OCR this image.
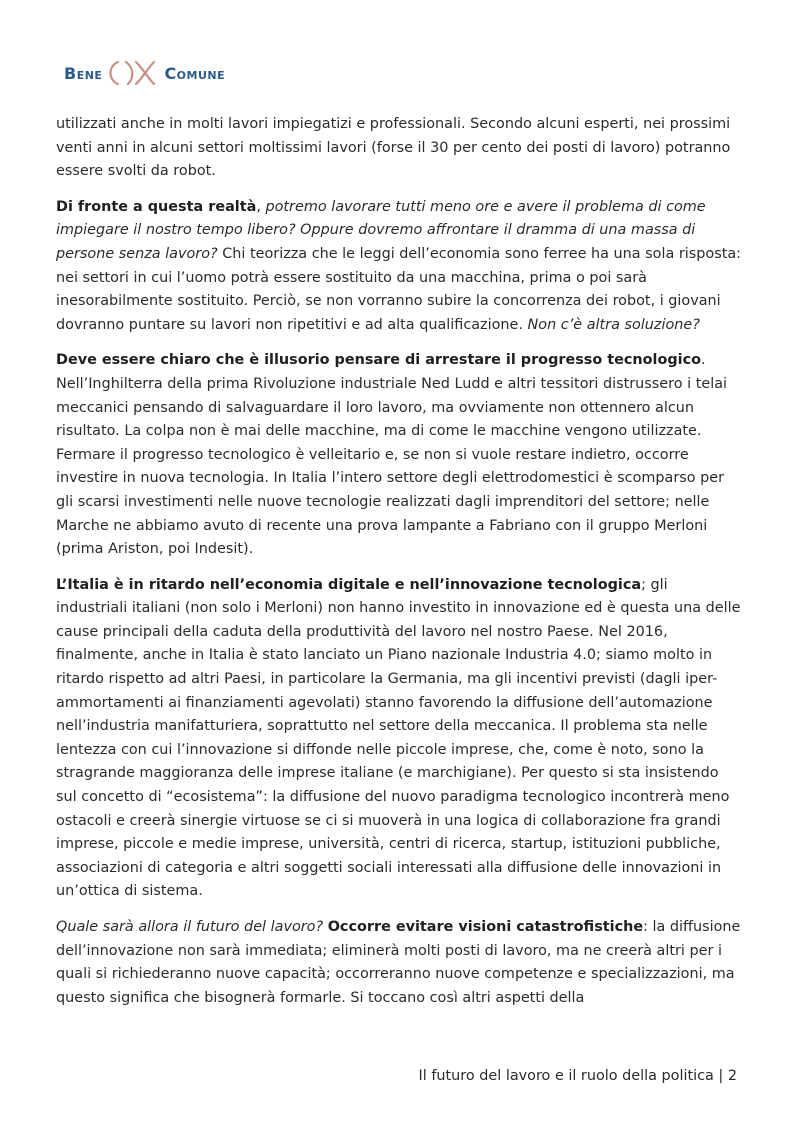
Bene	Comune

utilizzati anche in molti lavori impiegatizi e professionali. Secondo alcuni esperti, nei prossimi venti anni in alcuni settori moltissimi lavori (forse il 30 per cento dei posti di lavoro) potranno essere svolti da robot.

Di fronte a questa realtà, potremo lavorare tutti meno ore e avere il problema di come impiegare il nostro tempo libero? Oppure dovremo affrontare il dramma di una massa di persone senza lavoro? Chi teorizza che le leggi dell’economia sono ferree ha una sola risposta: nei settori in cui l’uomo potrà essere sostituito da una macchina, prima o poi sarà inesorabilmente sostituito. Perciò, se non vorranno subire la concorrenza dei robot, i giovani dovranno puntare su lavori non ripetitivi e ad alta qualificazione. Non c’è altra soluzione?

Deve essere chiaro che è illusorio pensare di arrestare il progresso tecnologico. Nell’Inghilterra della prima Rivoluzione industriale Ned Ludd e altri tessitori distrussero i telai meccanici pensando di salvaguardare il loro lavoro, ma ovviamente non ottennero alcun risultato. La colpa non è mai delle macchine, ma di come le macchine vengono utilizzate. Fermare il progresso tecnologico è velleitario e, se non si vuole restare indietro, occorre investire in nuova tecnologia. In Italia l’intero settore degli elettrodomestici è scomparso per gli scarsi investimenti nelle nuove tecnologie realizzati dagli imprenditori del settore; nelle Marche ne abbiamo avuto di recente una prova lampante a Fabriano con il gruppo Merloni (prima Ariston, poi Indesit).

L’Italia è in ritardo nell’economia digitale e nell’innovazione tecnologica; gli industriali italiani (non solo i Merloni) non hanno investito in innovazione ed è questa una delle cause principali della caduta della produttività del lavoro nel nostro Paese. Nel 2016, finalmente, anche in Italia è stato lanciato un Piano nazionale Industria 4.0; siamo molto in ritardo rispetto ad altri Paesi, in particolare la Germania, ma gli incentivi previsti (dagli iper-ammortamenti ai finanziamenti agevolati) stanno favorendo la diffusione dell’automazione nell’industria manifatturiera, soprattutto nel settore della meccanica. Il problema sta nelle lentezza con cui l’innovazione si diffonde nelle piccole imprese, che, come è noto, sono la stragrande maggioranza delle imprese italiane (e marchigiane). Per questo si sta insistendo sul concetto di “ecosistema”: la diffusione del nuovo paradigma tecnologico incontrerà meno ostacoli e creerà sinergie virtuose se ci si muoverà in una logica di collaborazione fra grandi imprese, piccole e medie imprese, università, centri di ricerca, startup, istituzioni pubbliche, associazioni di categoria e altri soggetti sociali interessati alla diffusione delle innovazioni in un’ottica di sistema.

Quale sarà allora il futuro del lavoro? Occorre evitare visioni catastrofistiche: la diffusione dell’innovazione non sarà immediata; eliminerà molti posti di lavoro, ma ne creerà altri per i quali si richiederanno nuove capacità; occorreranno nuove competenze e specializzazioni, ma questo significa che bisognerà formarle. Si toccano così altri aspetti della

Il futuro del lavoro e il ruolo della politica | 2
